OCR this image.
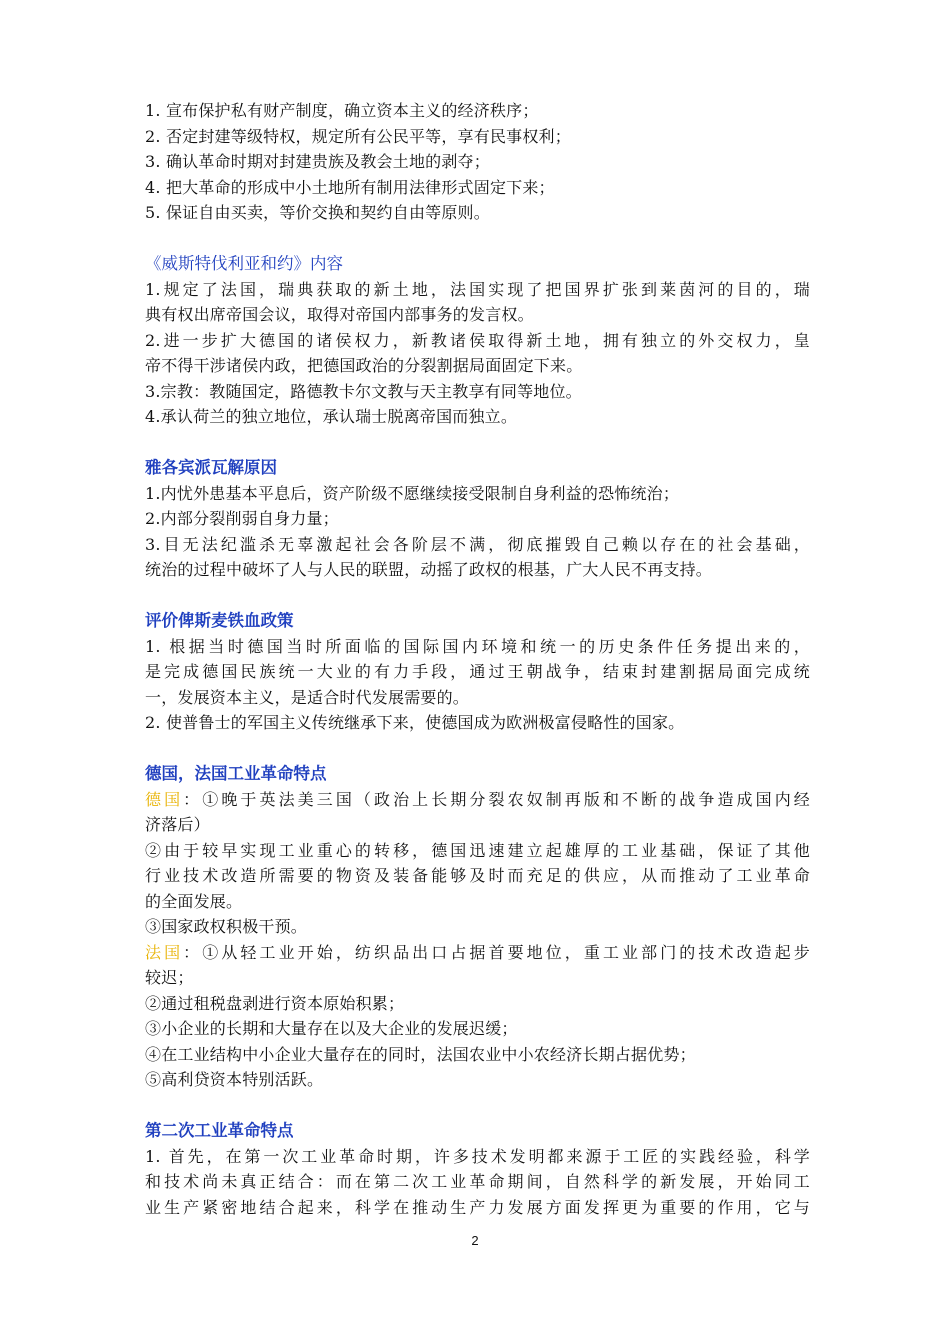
1. 宣布保护私有财产制度，确立资本主义的经济秩序；

2. 否定封建等级特权，规定所有公民平等，享有民事权利；

3. 确认革命时期对封建贵族及教会土地的剥夺；

4. 把大革命的形成中小土地所有制用法律形式固定下来；

5. 保证自由买卖，等价交换和契约自由等原则。

《威斯特伐利亚和约》内容

1.规定了法国，瑞典获取的新土地，法国实现了把国界扩张到莱茵河的目的，瑞

典有权出席帝国会议，取得对帝国内部事务的发言权。

2.进一步扩大德国的诸侯权力，新教诸侯取得新土地，拥有独立的外交权力，皇

帝不得干涉诸侯内政，把德国政治的分裂割据局面固定下来。

3.宗教：教随国定，路德教卡尔文教与天主教享有同等地位。

4.承认荷兰的独立地位，承认瑞士脱离帝国而独立。

雅各宾派瓦解原因

1.内忧外患基本平息后，资产阶级不愿继续接受限制自身利益的恐怖统治；

2.内部分裂削弱自身力量；

3.目无法纪滥杀无辜激起社会各阶层不满，彻底摧毁自己赖以存在的社会基础，

统治的过程中破坏了人与人民的联盟，动摇了政权的根基，广大人民不再支持。

评价俾斯麦铁血政策

1. 根据当时德国当时所面临的国际国内环境和统一的历史条件任务提出来的，

是完成德国民族统一大业的有力手段，通过王朝战争，结束封建割据局面完成统

一，发展资本主义，是适合时代发展需要的。

2. 使普鲁士的军国主义传统继承下来，使德国成为欧洲极富侵略性的国家。

德国，法国工业革命特点

德国：①晚于英法美三国（政治上长期分裂农奴制再版和不断的战争造成国内经

济落后）

②由于较早实现工业重心的转移，德国迅速建立起雄厚的工业基础，保证了其他

行业技术改造所需要的物资及装备能够及时而充足的供应，从而推动了工业革命

的全面发展。

③国家政权积极干预。

法国：①从轻工业开始，纺织品出口占据首要地位，重工业部门的技术改造起步

较迟；

②通过租税盘剥进行资本原始积累；

③小企业的长期和大量存在以及大企业的发展迟缓；

④在工业结构中小企业大量存在的同时，法国农业中小农经济长期占据优势；

⑤高利贷资本特别活跃。

第二次工业革命特点

1. 首先，在第一次工业革命时期，许多技术发明都来源于工匠的实践经验，科学

和技术尚未真正结合：而在第二次工业革命期间，自然科学的新发展，开始同工

业生产紧密地结合起来，科学在推动生产力发展方面发挥更为重要的作用，它与

2
